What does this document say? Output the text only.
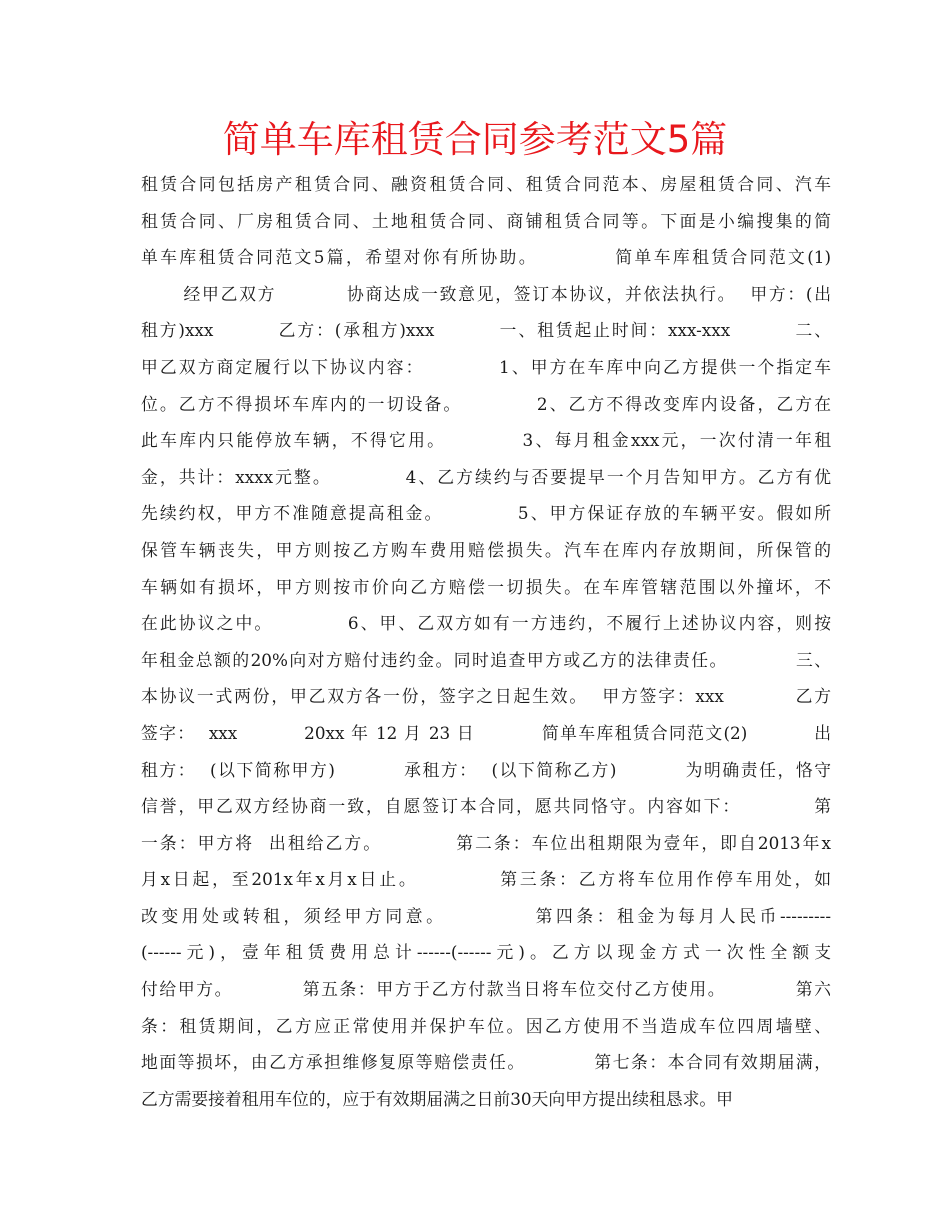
简单车库租赁合同参考范文5篇
租赁合同包括房产租赁合同、融资租赁合同、租赁合同范本、房屋租赁合同、汽车
租赁合同、厂房租赁合同、土地租赁合同、商铺租赁合同等。下面是小编搜集的简
单车库租赁合同范文5篇，希望对你有所协助。          简单车库租赁合同范文(1)
经甲乙双方          协商达成一致意见，签订本协议，并依法执行。  甲方：(出
租方)xxx         乙方：(承租方)xxx         一、租赁起止时间：xxx-xxx         二、
甲乙双方商定履行以下协议内容：          1、甲方在车库中向乙方提供一个指定车
位。乙方不得损坏车库内的一切设备。          2、乙方不得改变库内设备，乙方在
此车库内只能停放车辆，不得它用。          3、每月租金xxx元，一次付清一年租
金，共计：xxxx元整。          4、乙方续约与否要提早一个月告知甲方。乙方有优
先续约权，甲方不准随意提高租金。          5、甲方保证存放的车辆平安。假如所
保管车辆丧失，甲方则按乙方购车费用赔偿损失。汽车在库内存放期间，所保管的
车辆如有损坏，甲方则按市价向乙方赔偿一切损失。在车库管辖范围以外撞坏，不
在此协议之中。          6、甲、乙双方如有一方违约，不履行上述协议内容，则按
年租金总额的20%向对方赔付违约金。同时追查甲方或乙方的法律责任。          三、
本协议一式两份，甲乙双方各一份，签字之日起生效。  甲方签字：xxx          乙方
签字：  xxx          20xx 年 12 月 23 日          简单车库租赁合同范文(2)          出
租方：  (以下简称甲方)          承租方：  (以下简称乙方)          为明确责任，恪守
信誉，甲乙双方经协商一致，自愿签订本合同，愿共同恪守。内容如下：          第
一条：甲方将  出租给乙方。          第二条：车位出租期限为壹年，即自2013年x
月x日起，至201x年x月x日止。          第三条：乙方将车位用作停车用处，如
改变用处或转租，须经甲方同意。          第四条：租金为每月人民币---------
(------元)，壹年租赁费用总计------(------元)。乙方以现金方式一次性全额支
付给甲方。          第五条：甲方于乙方付款当日将车位交付乙方使用。          第六
条：租赁期间，乙方应正常使用并保护车位。因乙方使用不当造成车位四周墙壁、
地面等损坏，由乙方承担维修复原等赔偿责任。          第七条：本合同有效期届满，
乙方需要接着租用车位的，应于有效期届满之日前30天向甲方提出续租恳求。甲
